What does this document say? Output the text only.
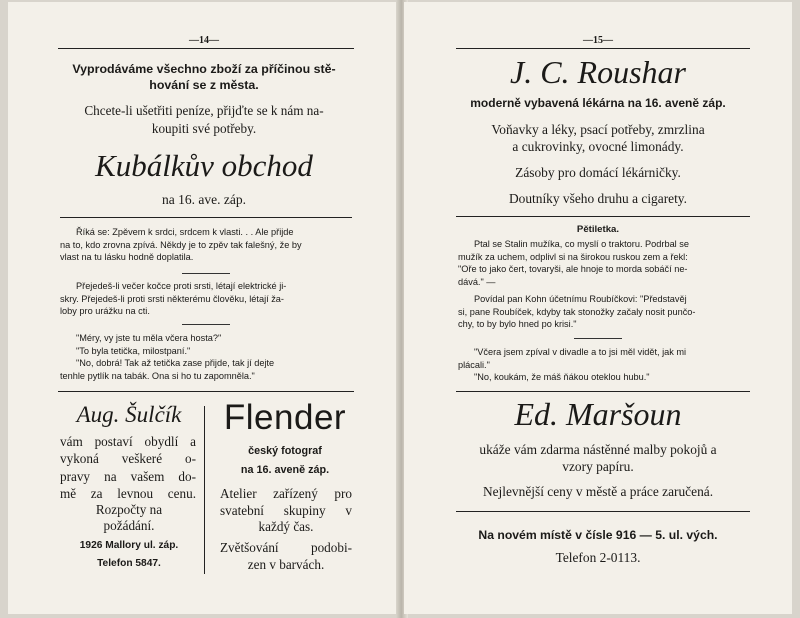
—14—
Vyprodáváme všechno zboží za příčinou stě-
hování se z města.
Chcete-li ušetřiti peníze, přijďte se k nám na-
koupiti své potřeby.
Kubálkův obchod
na 16. ave. záp.
Říká se: Zpěvem k srdci, srdcem k vlasti. . . Ale přijde
na to, kdo zrovna zpívá. Někdy je to zpěv tak falešný, že by
vlast na tu lásku hodně doplatila.
Přejedeš-li večer kočce proti srsti, létají elektrické ji-
skry. Přejedeš-li proti srsti některému člověku, létají ža-
loby pro urážku na cti.
"Méry, vy jste tu měla včera hosta?"
"To byla tetička, milostpaní."
"No, dobrá! Tak až tetička zase přijde, tak jí dejte
tenhle pytlík na tabák. Ona si ho tu zapomněla."
Aug. Šulčík
vám postaví obydlí a
vykoná veškeré o-
pravy na vašem do-
mě za levnou cenu.
Rozpočty na
požádání.
1926 Mallory ul. záp.
Telefon 5847.
Flender
český fotograf
na 16. avenĕ záp.
Atelier zařízený pro
svatební skupiny v
každý čas.
Zvětšování podobi-
zen v barvách.
—15—
J. C. Roushar
moderně vybavená lékárna na 16. avenĕ záp.
Voňavky a léky, psací potřeby, zmrzlina
a cukrovinky, ovocné limonády.
Zásoby pro domácí lékárničky.
Doutníky všeho druhu a cigarety.
Pětiletka.
Ptal se Stalin mužíka, co myslí o traktoru. Podrbal se
mužík za uchem, odplivl si na širokou ruskou zem a řekl:
"Oře to jako čert, tovaryši, ale hnoje to morda sobáčí ne-
dává." —
Povídal pan Kohn účetnímu Roubíčkovi: "Představěj
si, pane Roubíček, kdyby tak stonožky začaly nosit punčo-
chy, to by bylo hned po krisi."
"Včera jsem zpíval v divadle a to jsi měl vidět, jak mi
plácali."
"No, koukám, že máš ňákou oteklou hubu."
Ed. Maršoun
ukáže vám zdarma nástěnné malby pokojů a
vzory papíru.
Nejlevnější ceny v městě a práce zaručená.
Na novém místě v čísle 916 — 5. ul. vých.
Telefon 2-0113.
